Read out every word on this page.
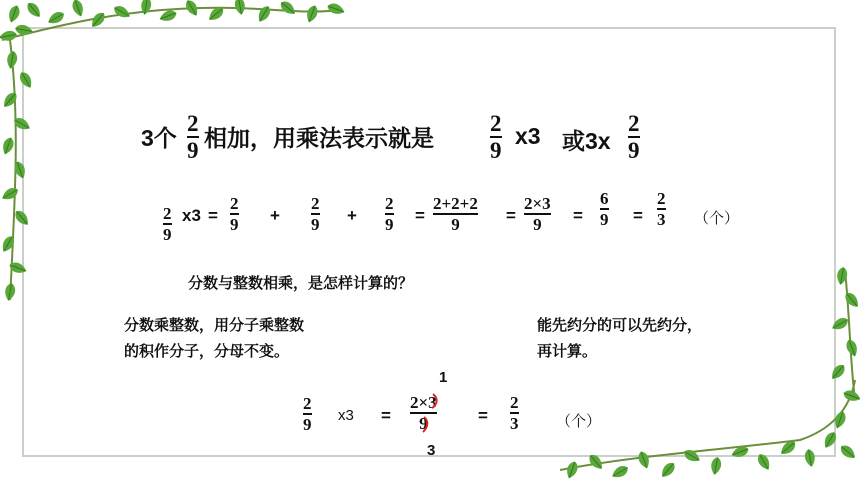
3个
2
9 相加，用乘法表示就是
2
9
x3 或3x
2
9
2
9
x3 =
2
9 +
2
9 +
2
9 =
2+2+2
9	=
2×3
9 =
6
9 =
2
3 （个）
分数与整数相乘，是怎样计算的？
分数乘整数，用分子乘整数
的积作分子，分母不变。
能先约分的可以先约分，
再计算。
2
9 x3 =
1
2×3
9
3
=
2
3	（个）
